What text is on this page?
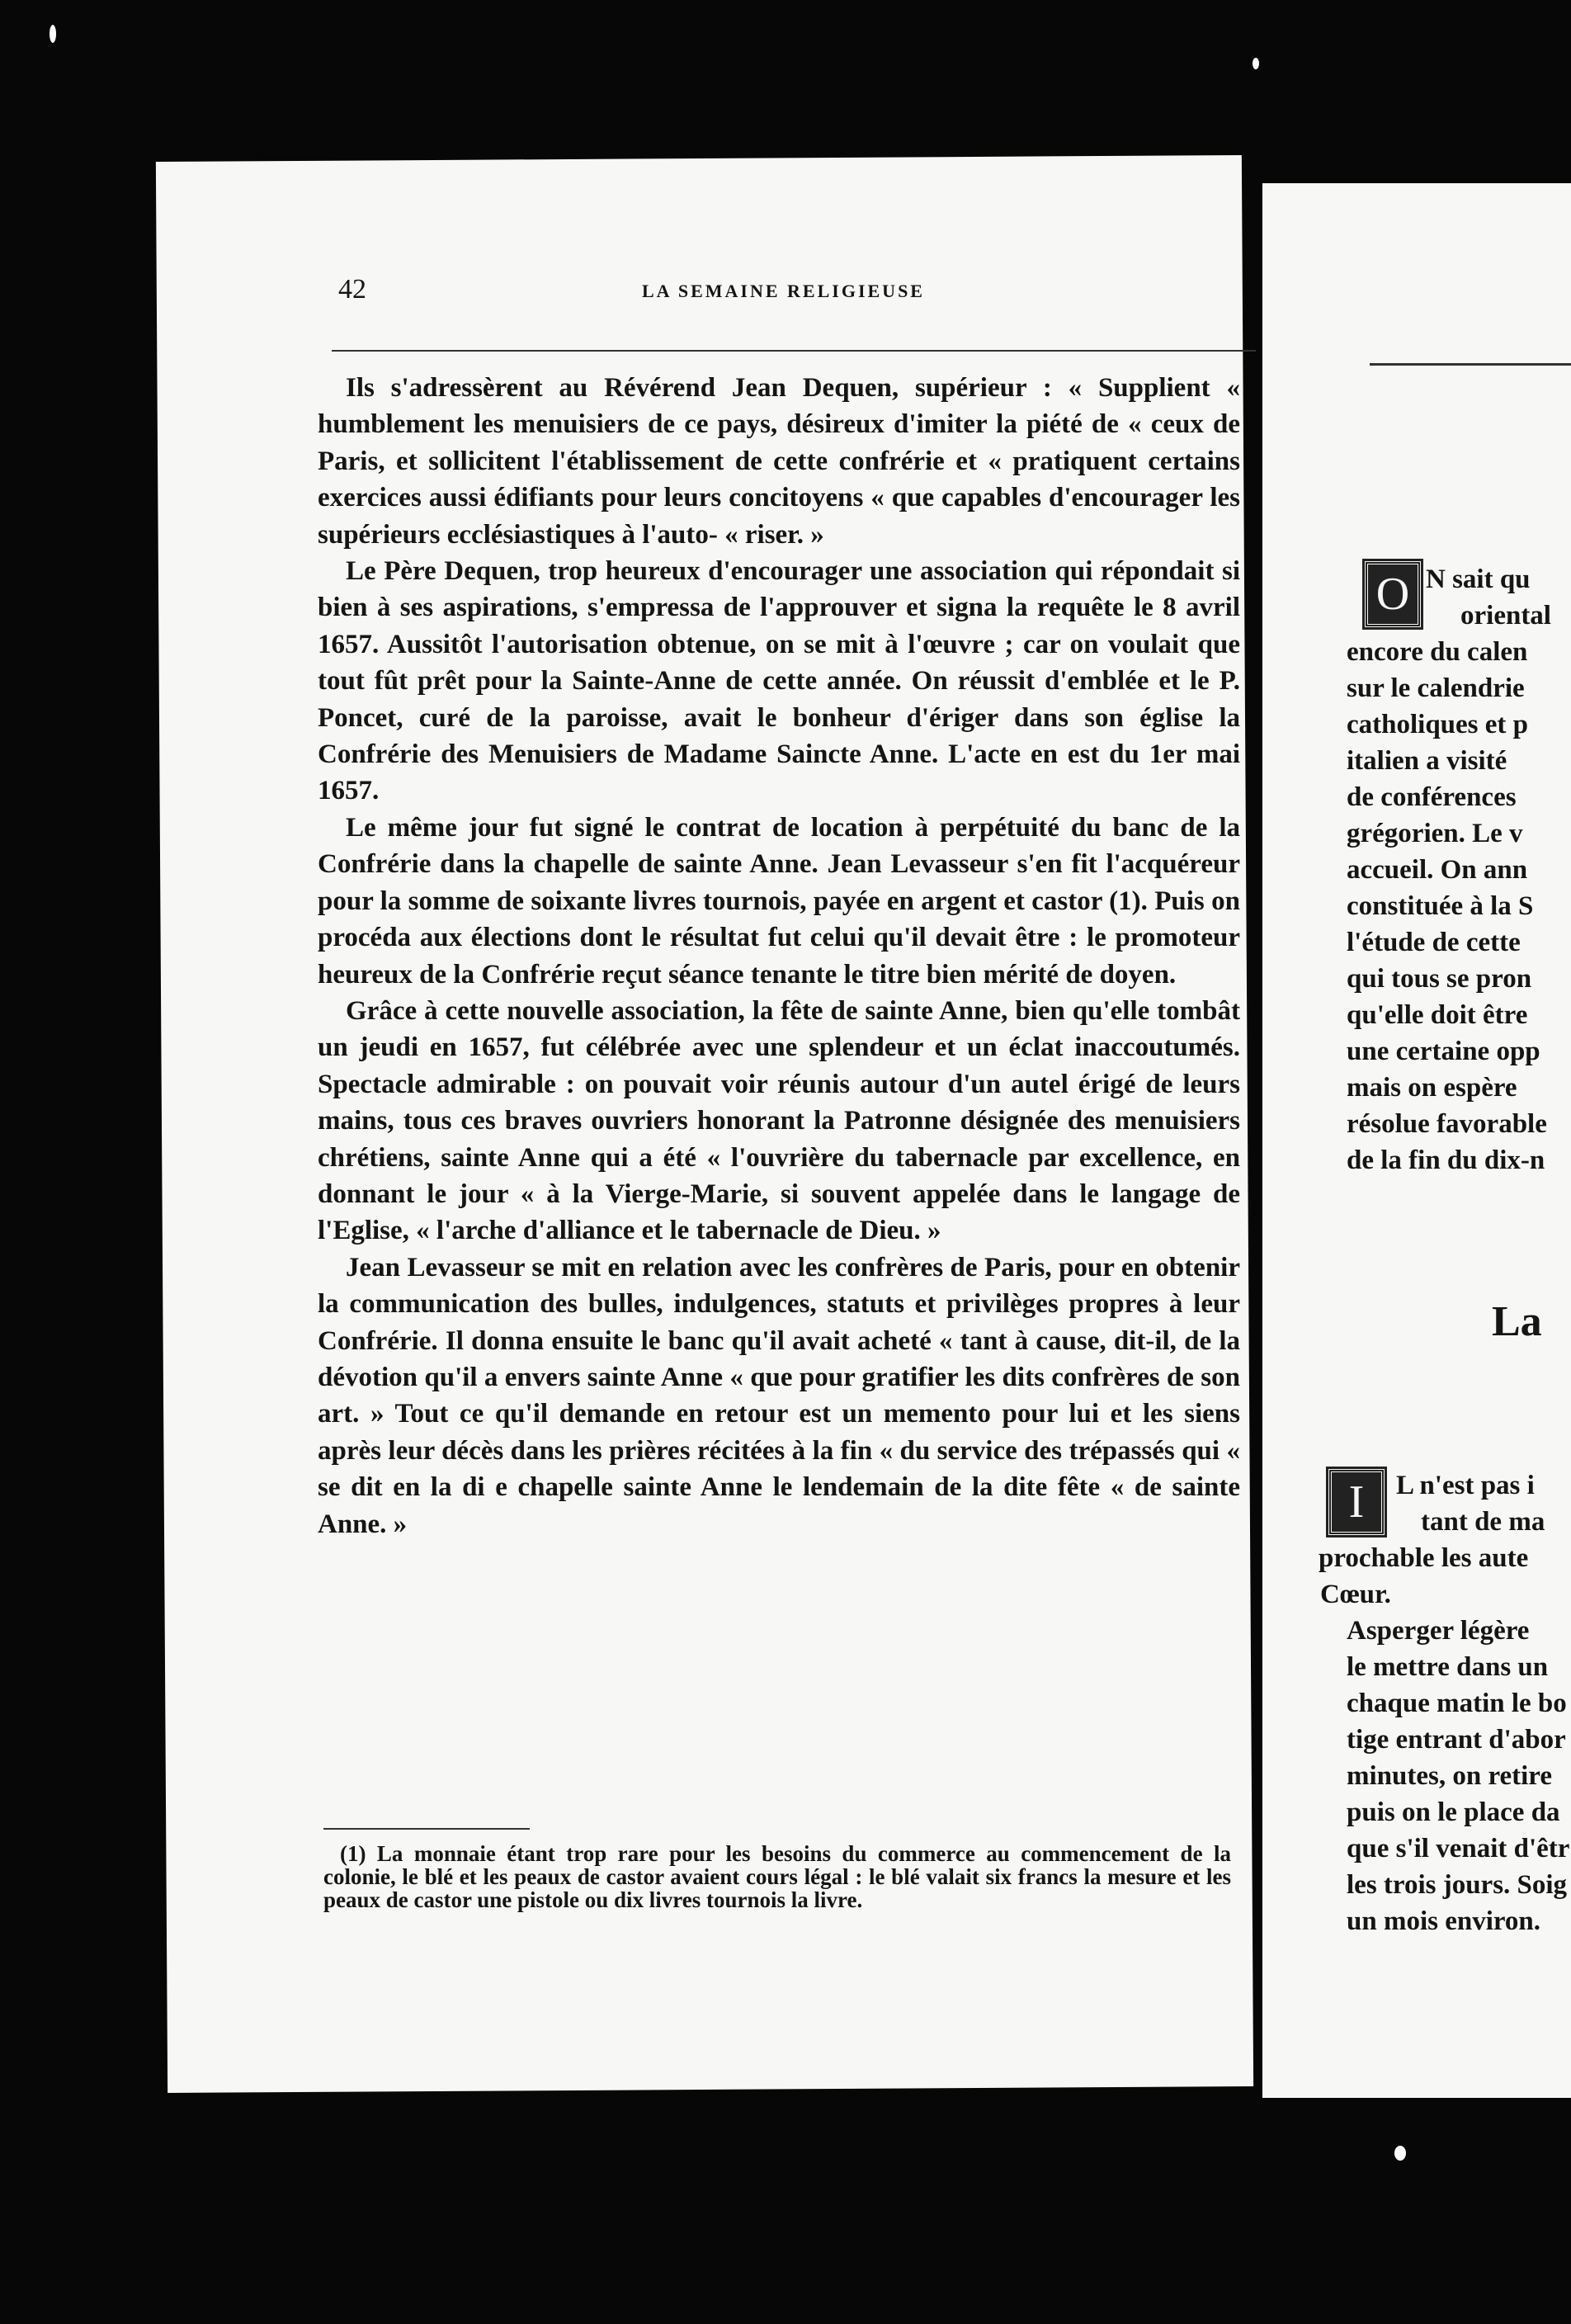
42	LA SEMAINE RELIGIEUSE

Ils s'adressèrent au Révérend Jean Dequen, supérieur : « Supplient « humblement les menuisiers de ce pays, désireux d'imiter la piété de « ceux de Paris, et sollicitent l'établissement de cette confrérie et « pratiquent certains exercices aussi édifiants pour leurs concitoyens « que capables d'encourager les supérieurs ecclésiastiques à l'auto- « riser. »

Le Père Dequen, trop heureux d'encourager une association qui répondait si bien à ses aspirations, s'empressa de l'approuver et signa la requête le 8 avril 1657. Aussitôt l'autorisation obtenue, on se mit à l'œuvre ; car on voulait que tout fût prêt pour la Sainte-Anne de cette année. On réussit d'emblée et le P. Poncet, curé de la paroisse, avait le bonheur d'ériger dans son église la Confrérie des Menuisiers de Madame Saincte Anne. L'acte en est du 1er mai 1657.

Le même jour fut signé le contrat de location à perpétuité du banc de la Confrérie dans la chapelle de sainte Anne. Jean Levasseur s'en fit l'acquéreur pour la somme de soixante livres tournois, payée en argent et castor (1). Puis on procéda aux élections dont le résultat fut celui qu'il devait être : le promoteur heureux de la Confrérie reçut séance tenante le titre bien mérité de doyen.

Grâce à cette nouvelle association, la fête de sainte Anne, bien qu'elle tombât un jeudi en 1657, fut célébrée avec une splendeur et un éclat inaccoutumés. Spectacle admirable : on pouvait voir réunis autour d'un autel érigé de leurs mains, tous ces braves ouvriers honorant la Patronne désignée des menuisiers chrétiens, sainte Anne qui a été « l'ouvrière du tabernacle par excellence, en donnant le jour « à la Vierge-Marie, si souvent appelée dans le langage de l'Eglise, « l'arche d'alliance et le tabernacle de Dieu. »

Jean Levasseur se mit en relation avec les confrères de Paris, pour en obtenir la communication des bulles, indulgences, statuts et privilèges propres à leur Confrérie. Il donna ensuite le banc qu'il avait acheté « tant à cause, dit-il, de la dévotion qu'il a envers sainte Anne « que pour gratifier les dits confrères de son art. » Tout ce qu'il demande en retour est un memento pour lui et les siens après leur décès dans les prières récitées à la fin « du service des trépassés qui « se dit en la di e chapelle sainte Anne le lendemain de la dite fête « de sainte Anne. »

(1) La monnaie étant trop rare pour les besoins du commerce au commencement de la colonie, le blé et les peaux de castor avaient cours légal : le blé valait six francs la mesure et les peaux de castor une pistole ou dix livres tournois la livre.

O N sait qu
oriental
encore du calen
sur le calendrie
catholiques et p
italien a visité
de conférences
grégorien. Le v
accueil. On ann
constituée à la S
l'étude de cette
qui tous se pron
qu'elle doit être
une certaine opp
mais on espère
résolue favorable
de la fin du dix-n
La
I	L n'est pas i
tant de ma
prochable les aute
Cœur.
Asperger légère
le mettre dans un
chaque matin le bo
tige entrant d'abor
minutes, on retire
puis on le place da
que s'il venait d'êtr
les trois jours. Soig
un mois environ.
